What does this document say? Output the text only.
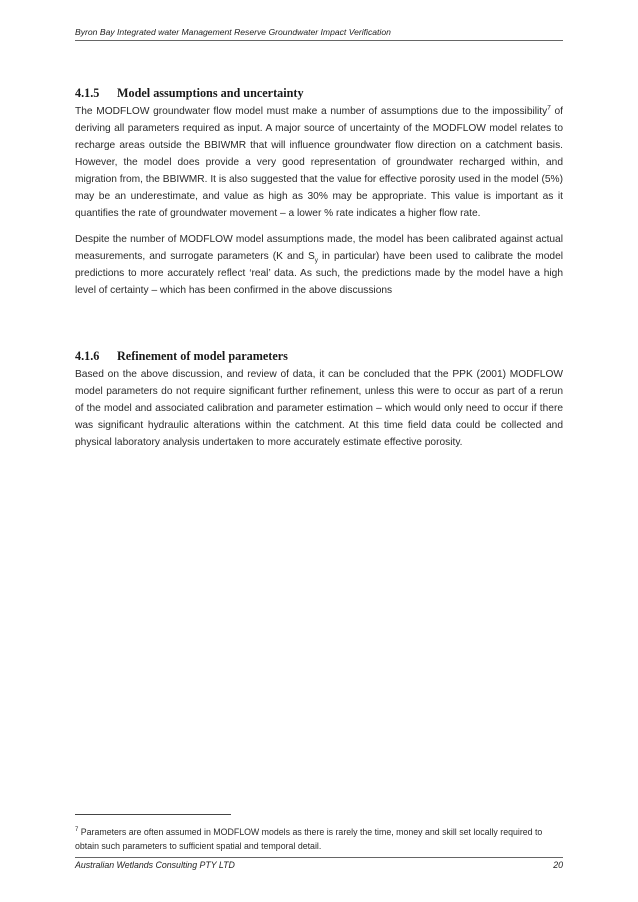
Byron Bay Integrated water Management Reserve Groundwater Impact Verification
4.1.5 Model assumptions and uncertainty

The MODFLOW groundwater flow model must make a number of assumptions due to the impossibility$^7$ of deriving all parameters required as input. A major source of uncertainty of the MODFLOW model relates to recharge areas outside the BBIWMR that will influence groundwater flow direction on a catchment basis. However, the model does provide a very good representation of groundwater recharged within, and migration from, the BBIWMR. It is also suggested that the value for effective porosity used in the model (5%) may be an underestimate, and value as high as 30% may be appropriate. This value is important as it quantifies the rate of groundwater movement – a lower % rate indicates a higher flow rate.

Despite the number of MODFLOW model assumptions made, the model has been calibrated against actual measurements, and surrogate parameters (K and $S_y$ in particular) have been used to calibrate the model predictions to more accurately reflect ‘real’ data. As such, the predictions made by the model have a high level of certainty – which has been confirmed in the above discussions

4.1.6 Refinement of model parameters

Based on the above discussion, and review of data, it can be concluded that the PPK (2001) MODFLOW model parameters do not require significant further refinement, unless this were to occur as part of a rerun of the model and associated calibration and parameter estimation – which would only need to occur if there was significant hydraulic alterations within the catchment. At this time field data could be collected and physical laboratory analysis undertaken to more accurately estimate effective porosity.

$^7$ Parameters are often assumed in MODFLOW models as there is rarely the time, money and skill set locally required to obtain such parameters to sufficient spatial and temporal detail.
Australian Wetlands Consulting PTY LTD	20
